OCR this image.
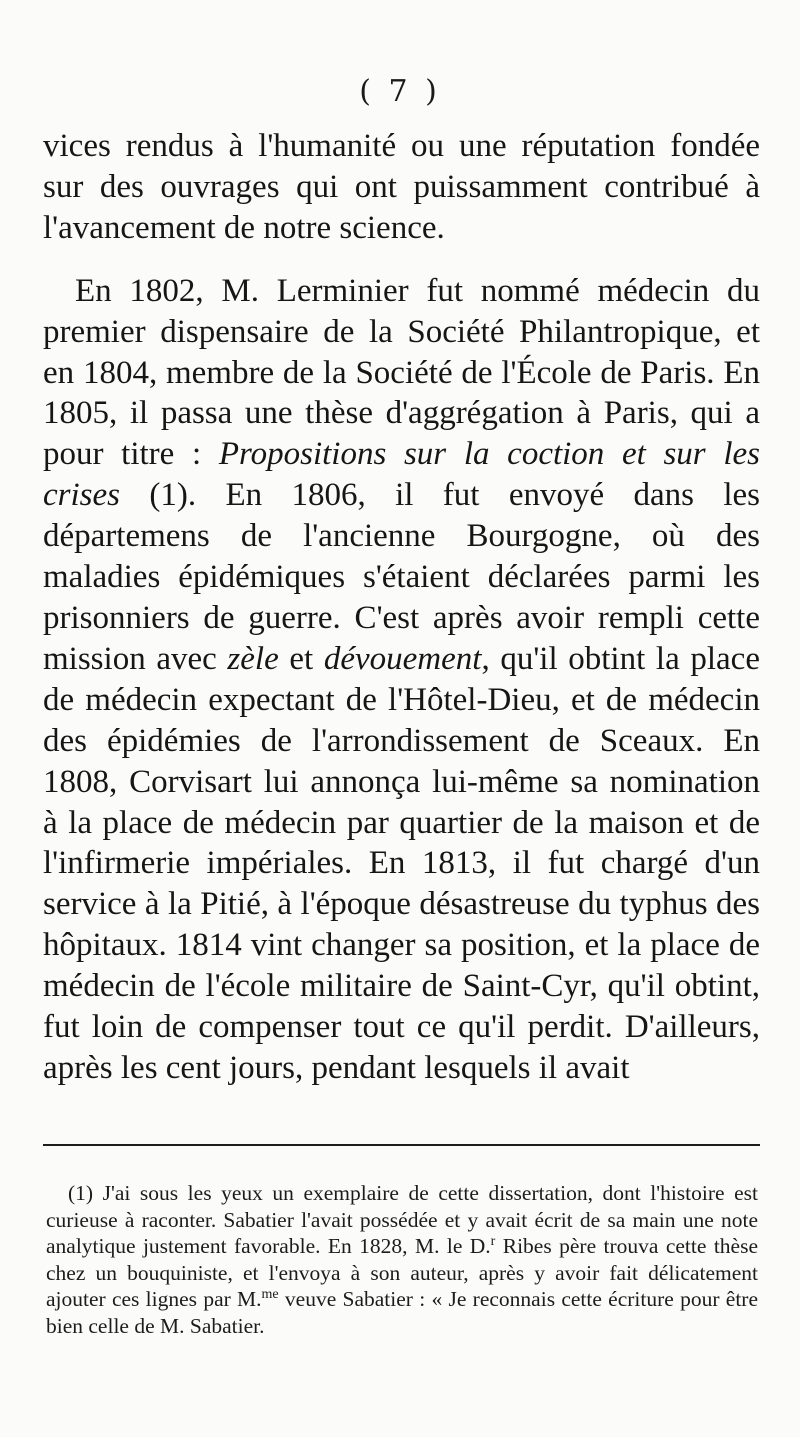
( 7 )

vices rendus à l'humanité ou une réputation fondée sur des ouvrages qui ont puissamment contribué à l'avancement de notre science.

En 1802, M. Lerminier fut nommé médecin du premier dispensaire de la Société Philantropique, et en 1804, membre de la Société de l'École de Paris. En 1805, il passa une thèse d'aggrégation à Paris, qui a pour titre : Propositions sur la coction et sur les crises (1). En 1806, il fut envoyé dans les départemens de l'ancienne Bourgogne, où des maladies épidémiques s'étaient déclarées parmi les prisonniers de guerre. C'est après avoir rempli cette mission avec zèle et dévouement, qu'il obtint la place de médecin expectant de l'Hôtel-Dieu, et de médecin des épidémies de l'arrondissement de Sceaux. En 1808, Corvisart lui annonça lui-même sa nomination à la place de médecin par quartier de la maison et de l'infirmerie impériales. En 1813, il fut chargé d'un service à la Pitié, à l'époque désastreuse du typhus des hôpitaux. 1814 vint changer sa position, et la place de médecin de l'école militaire de Saint-Cyr, qu'il obtint, fut loin de compenser tout ce qu'il perdit. D'ailleurs, après les cent jours, pendant lesquels il avait

(1) J'ai sous les yeux un exemplaire de cette dissertation, dont l'histoire est curieuse à raconter. Sabatier l'avait possédée et y avait écrit de sa main une note analytique justement favorable. En 1828, M. le D.$^r$ Ribes père trouva cette thèse chez un bouquiniste, et l'envoya à son auteur, après y avoir fait délicatement ajouter ces lignes par M.$^{me}$ veuve Sabatier : « Je reconnais cette écriture pour être bien celle de M. Sabatier.
